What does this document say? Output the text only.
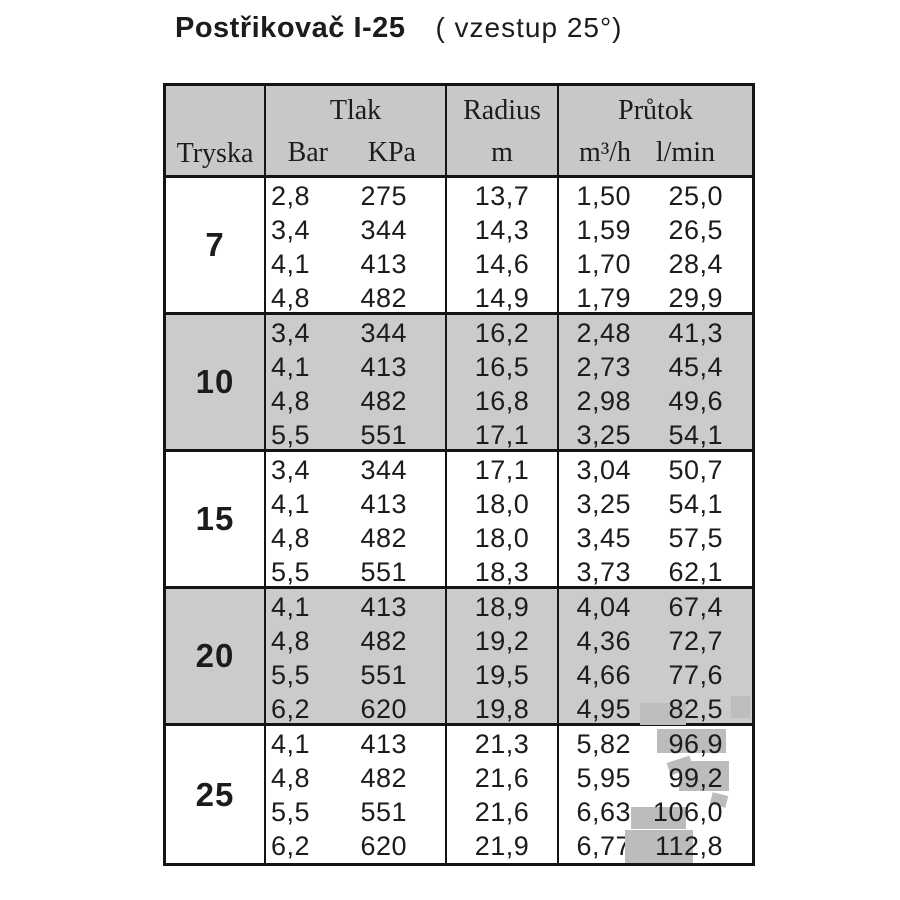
Postřikovač I-25 ( vzestup 25°)
Tryska
Tlak
Bar	KPa
Radius
m
Průtok
m³/h l/min
7
2,8 275
3,4 344
4,1 413
4,8 482
13,7
14,3
14,6
14,9
1,50 25,0
1,59 26,5
1,70 28,4
1,79 29,9
10
3,4 344
4,1 413
4,8 482
5,5 551
16,2
16,5
16,8
17,1
2,48 41,3
2,73 45,4
2,98 49,6
3,25 54,1
15
3,4 344
4,1 413
4,8 482
5,5 551
17,1
18,0
18,0
18,3
3,04 50,7
3,25 54,1
3,45 57,5
3,73 62,1
20
4,1 413
4,8 482
5,5 551
6,2 620
18,9
19,2
19,5
19,8
4,04 67,4
4,36 72,7
4,66 77,6
4,95 82,5
25
4,1 413
4,8 482
5,5 551
6,2 620
21,3
21,6
21,6
21,9
5,82 96,9
5,95 99,2
6,63 106,0
6,77 112,8
